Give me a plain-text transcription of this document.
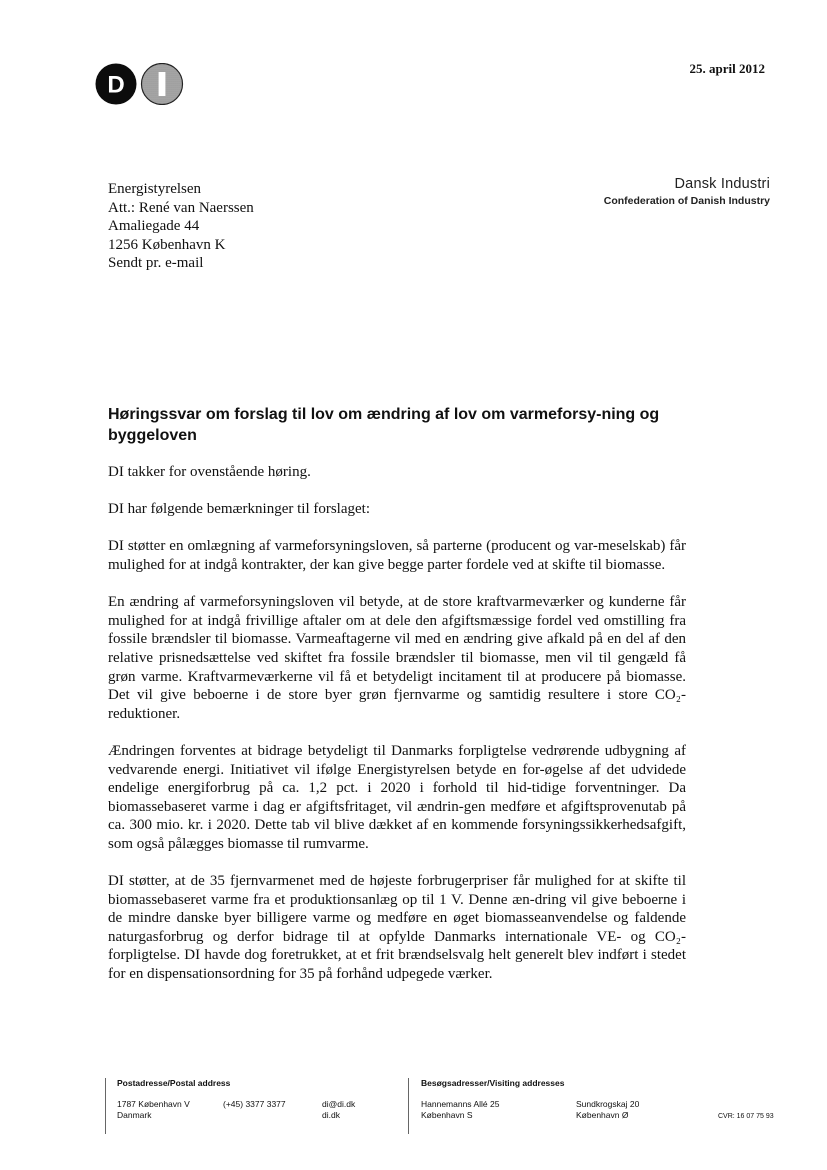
D
25. april 2012
Energistyrelsen
Att.: René van Naerssen
Amaliegade 44
1256 København K
Sendt pr. e-mail
Dansk Industri
Confederation of Danish Industry
Høringssvar om forslag til lov om ændring af lov om varmeforsy-ning og byggeloven

DI takker for ovenstående høring.

DI har følgende bemærkninger til forslaget:

DI støtter en omlægning af varmeforsyningsloven, så parterne (producent og var-meselskab) får mulighed for at indgå kontrakter, der kan give begge parter fordele ved at skifte til biomasse.

En ændring af varmeforsyningsloven vil betyde, at de store kraftvarmeværker og kunderne får mulighed for at indgå frivillige aftaler om at dele den afgiftsmæssige fordel ved omstilling fra fossile brændsler til biomasse. Varmeaftagerne vil med en ændring give afkald på en del af den relative prisnedsættelse ved skiftet fra fossile brændsler til biomasse, men vil til gengæld få grøn varme. Kraftvarmeværkerne vil få et betydeligt incitament til at producere på biomasse. Det vil give beboerne i de store byer grøn fjernvarme og samtidig resultere i store CO₂-reduktioner.

Ændringen forventes at bidrage betydeligt til Danmarks forpligtelse vedrørende udbygning af vedvarende energi. Initiativet vil ifølge Energistyrelsen betyde en for-øgelse af det udvidede endelige energiforbrug på ca. 1,2 pct. i 2020 i forhold til hid-tidige forventninger. Da biomassebaseret varme i dag er afgiftsfritaget, vil ændrin-gen medføre et afgiftsprovenutab på ca. 300 mio. kr. i 2020. Dette tab vil blive dækket af en kommende forsyningssikkerhedsafgift, som også pålægges biomasse til rumvarme.

DI støtter, at de 35 fjernvarmenet med de højeste forbrugerpriser får mulighed for at skifte til biomassebaseret varme fra et produktionsanlæg op til 1 V. Denne æn-dring vil give beboerne i de mindre danske byer billigere varme og medføre en øget biomasseanvendelse og faldende naturgasforbrug og derfor bidrage til at opfylde Danmarks internationale VE- og CO₂-forpligtelse. DI havde dog foretrukket, at et frit brændselsvalg helt generelt blev indført i stedet for en dispensationsordning for 35 på forhånd udpegede værker.

Postadresse/Postal address
1787 København V
Danmark
(+45) 3377 3377	di@di.dk
di.dk
Besøgsadresser/Visiting addresses
Hannemanns Allé 25
København S
Sundkrogskaj 20
København Ø	CVR: 16 07 75 93
